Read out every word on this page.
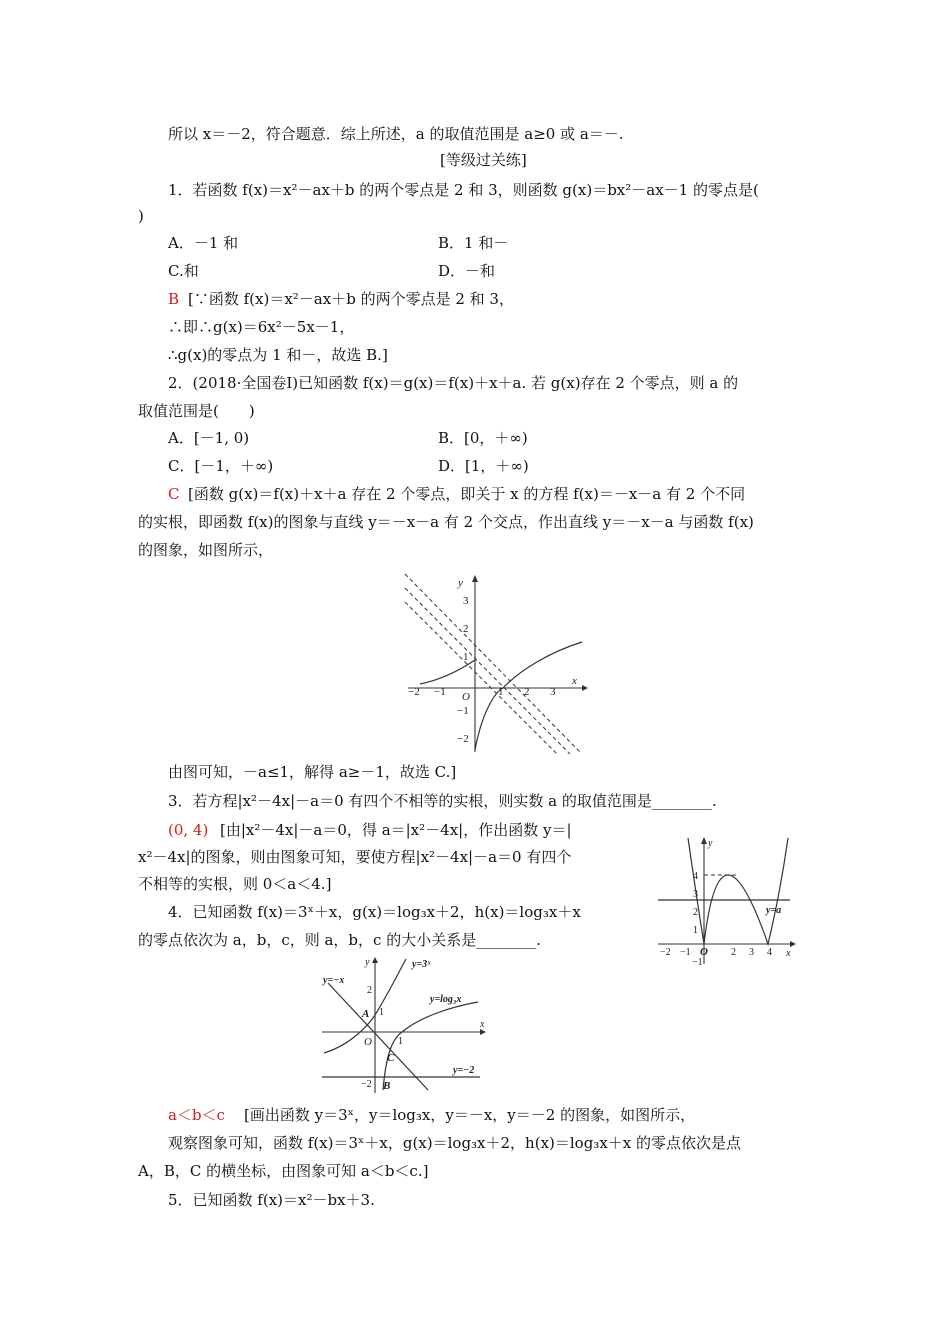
所以 x＝－2，符合题意．综上所述，a 的取值范围是 a≥0 或 a＝－.
[等级过关练]
1．若函数 f(x)＝x²－ax＋b 的两个零点是 2 和 3，则函数 g(x)＝bx²－ax－1 的零点是(
)
A．－1 和	B．1 和－
C.和	D．－和
B [∵函数 f(x)＝x²－ax＋b 的两个零点是 2 和 3，
∴即∴g(x)＝6x²－5x－1，
∴g(x)的零点为 1 和－，故选 B.]
2．(2018·全国卷Ⅰ)已知函数 f(x)＝g(x)＝f(x)＋x＋a. 若 g(x)存在 2 个零点，则 a 的
取值范围是(　　)
A．[－1, 0)	B．[0，＋∞)
C．[－1，＋∞)	D．[1，＋∞)
C [函数 g(x)＝f(x)＋x＋a 存在 2 个零点，即关于 x 的方程 f(x)＝－x－a 有 2 个不同
的实根，即函数 f(x)的图象与直线 y＝－x－a 有 2 个交点，作出直线 y＝－x－a 与函数 f(x)
的图象，如图所示，
y
x
O
−2 −1	1 2 3
3
2
1
−1
−2
由图可知，－a≤1，解得 a≥－1，故选 C.]
3．若方程|x²－4x|－a＝0 有四个不相等的实根，则实数 a 的取值范围是________.
(0, 4) [由|x²－4x|－a＝0，得 a＝|x²－4x|，作出函数 y＝|
x²－4x|的图象，则由图象可知，要使方程|x²－4x|－a＝0 有四个
不相等的实根，则 0＜a＜4.]
4．已知函数 f(x)＝3ˣ＋x，g(x)＝log₃x＋2，h(x)＝log₃x＋x
的零点依次为 a，b，c，则 a，b，c 的大小关系是________.
y
x
O
−2 −1	2 3 4
4
3
2
1
−1
y=a
y
x
O	1
2
1
−2
y=−x
y=3ˣ
y=log₃x
y=−2
A
B
C
a＜b＜c [画出函数 y＝3ˣ，y＝log₃x，y＝－x，y＝－2 的图象，如图所示，
观察图象可知，函数 f(x)＝3ˣ＋x，g(x)＝log₃x＋2，h(x)＝log₃x＋x 的零点依次是点
A，B，C 的横坐标，由图象可知 a＜b＜c.]
5．已知函数 f(x)＝x²－bx＋3.
